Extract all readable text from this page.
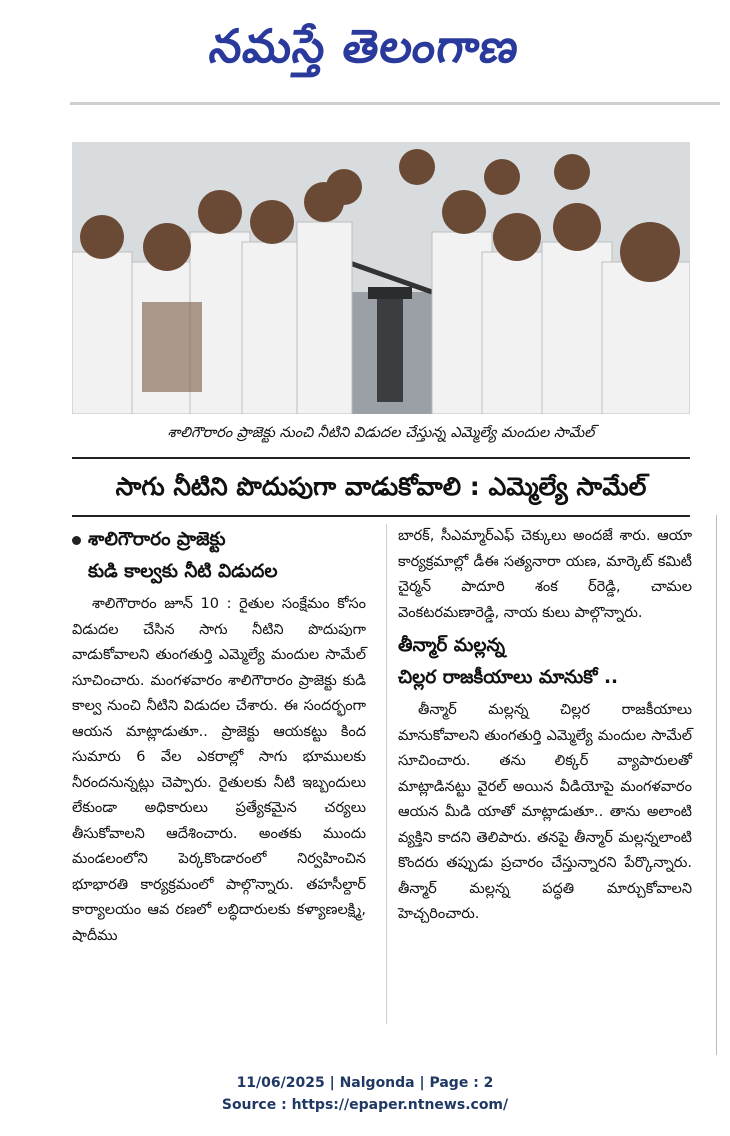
నమస్తే తెలంగాణ
శాలిగౌరారం ప్రాజెక్టు నుంచి నీటిని విడుదల చేస్తున్న ఎమ్మెల్యే మందుల సామేల్
సాగు నీటిని పొదుపుగా వాడుకోవాలి : ఎమ్మెల్యే సామేల్
శాలిగౌరారం ప్రాజెక్టు
కుడి కాల్వకు నీటి విడుదల

శాలిగౌరారం జూన్ 10 : రైతుల సంక్షేమం కోసం విడుదల చేసిన సాగు నీటిని పొదుపుగా వాడుకోవాలని తుంగతుర్తి ఎమ్మెల్యే మందుల సామేల్ సూచించారు. మంగళవారం శాలిగౌరారం ప్రాజెక్టు కుడి కాల్వ నుంచి నీటిని విడుదల చేశారు. ఈ సందర్భంగా ఆయన మాట్లాడుతూ.. ప్రాజెక్టు ఆయకట్టు కింద సుమారు 6 వేల ఎకరాల్లో సాగు భూములకు నీరందనున్నట్లు చెప్పారు. రైతులకు నీటి ఇబ్బందులు లేకుండా అధికారులు ప్రత్యేకమైన చర్యలు తీసుకోవాలని ఆదేశించారు. అంతకు ముందు మండలంలోని పెర్కకొండారంలో నిర్వహించిన భూభారతి కార్యక్రమంలో పాల్గొన్నారు. తహసీల్దార్ కార్యాలయం ఆవ రణలో లబ్ధిదారులకు కళ్యాణలక్ష్మి, షాదీము

బారక్, సీఎమ్మార్ఎఫ్ చెక్కులు అందజే శారు. ఆయా కార్యక్రమాల్లో డీఈ సత్యనారా యణ, మార్కెట్ కమిటీ చైర్మన్ పాదూరి శంక ర్‌రెడ్డి, చామల వెంకటరమణారెడ్డి, నాయ కులు పాల్గొన్నారు.

తీన్మార్ మల్లన్న
చిల్లర రాజకీయాలు మానుకో ..

తీన్మార్ మల్లన్న చిల్లర రాజకీయాలు మానుకోవాలని తుంగతుర్తి ఎమ్మెల్యే మందుల సామేల్ సూచించారు. తను లిక్కర్ వ్యాపారులతో మాట్లాడినట్టు వైరల్ అయిన వీడియోపై మంగళవారం ఆయన మీడి యాతో మాట్లాడుతూ.. తాను అలాంటి వ్యక్తిని కాదని తెలిపారు. తనపై తీన్మార్ మల్లన్నలాంటి కొందరు తప్పుడు ప్రచారం చేస్తున్నారని పేర్కొన్నారు. తీన్మార్ మల్లన్న పద్ధతి మార్చుకోవాలని హెచ్చరించారు.

11/06/2025 | Nalgonda | Page : 2
Source : https://epaper.ntnews.com/
